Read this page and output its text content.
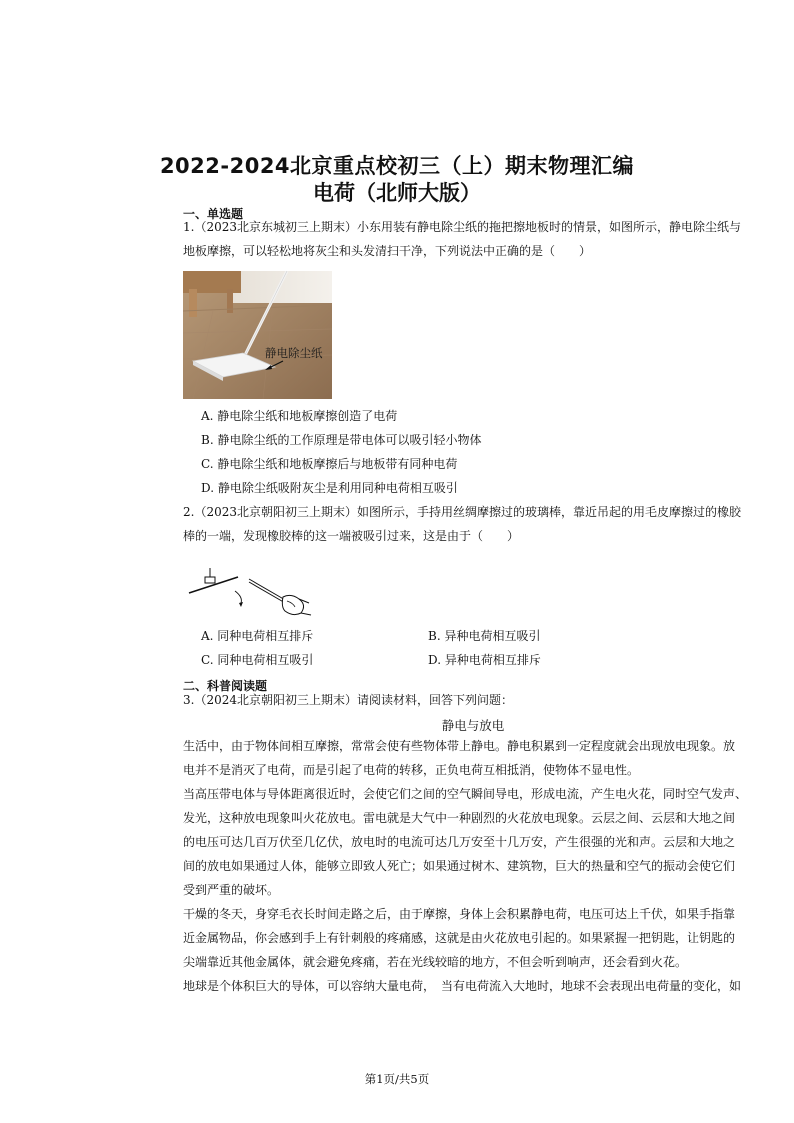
2022-2024北京重点校初三（上）期末物理汇编
电荷（北师大版）
一、单选题
1.（2023北京东城初三上期末）小东用装有静电除尘纸的拖把擦地板时的情景，如图所示，静电除尘纸与
地板摩擦，可以轻松地将灰尘和头发清扫干净，下列说法中正确的是（　　）
静电除尘纸
A. 静电除尘纸和地板摩擦创造了电荷
B. 静电除尘纸的工作原理是带电体可以吸引轻小物体
C. 静电除尘纸和地板摩擦后与地板带有同种电荷
D. 静电除尘纸吸附灰尘是利用同种电荷相互吸引
2.（2023北京朝阳初三上期末）如图所示，手持用丝绸摩擦过的玻璃棒，靠近吊起的用毛皮摩擦过的橡胶
棒的一端，发现橡胶棒的这一端被吸引过来，这是由于（　　）
A. 同种电荷相互排斥	B. 异种电荷相互吸引
C. 同种电荷相互吸引	D. 异种电荷相互排斥
二、科普阅读题
3.（2024北京朝阳初三上期末）请阅读材料，回答下列问题：
静电与放电
生活中，由于物体间相互摩擦，常常会使有些物体带上静电。静电积累到一定程度就会出现放电现象。放
电并不是消灭了电荷，而是引起了电荷的转移，正负电荷互相抵消，使物体不显电性。
当高压带电体与导体距离很近时，会使它们之间的空气瞬间导电，形成电流，产生电火花，同时空气发声、
发光，这种放电现象叫火花放电。雷电就是大气中一种剧烈的火花放电现象。云层之间、云层和大地之间
的电压可达几百万伏至几亿伏，放电时的电流可达几万安至十几万安，产生很强的光和声。云层和大地之
间的放电如果通过人体，能够立即致人死亡；如果通过树木、建筑物，巨大的热量和空气的振动会使它们
受到严重的破坏。
干燥的冬天，身穿毛衣长时间走路之后，由于摩擦，身体上会积累静电荷，电压可达上千伏，如果手指靠
近金属物品，你会感到手上有针刺般的疼痛感，这就是由火花放电引起的。如果紧握一把钥匙，让钥匙的
尖端靠近其他金属体，就会避免疼痛，若在光线较暗的地方，不但会听到响声，还会看到火花。
地球是个体积巨大的导体，可以容纳大量电荷，　当有电荷流入大地时，地球不会表现出电荷量的变化，如
第1页/共5页
